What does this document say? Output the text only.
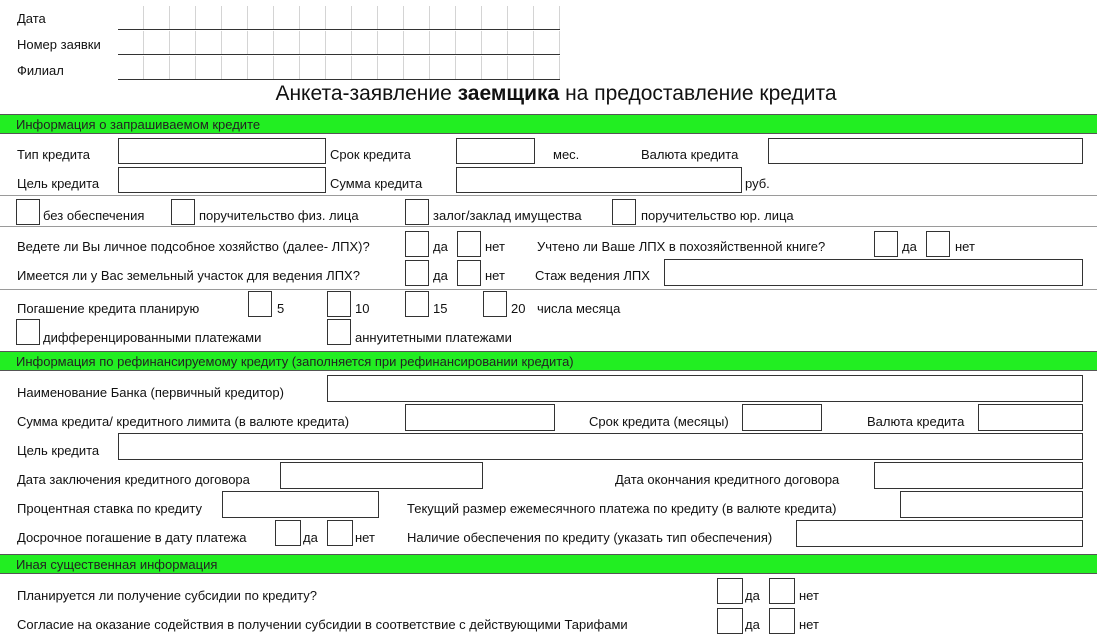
Дата
Номер заявки
Филиал
Анкета-заявление заемщика на предоставление кредита
Информация о запрашиваемом кредите
Тип кредита	Срок кредита	мес.	Валюта кредита
Цель кредита	Сумма кредита	руб.
без обеспечения	поручительство физ. лица	залог/заклад имущества	поручительство юр. лица
Ведете ли Вы личное подсобное хозяйство (далее- ЛПХ)?	да	нет Учтено ли Ваше ЛПХ в похозяйственной книге?	да	нет
Имеется ли у Вас земельный участок для ведения ЛПХ?	да	нет Стаж ведения ЛПХ
Погашение кредита планирую	5	10	15	20 числа месяца
дифференцированными платежами	аннуитетными платежами
Информация по рефинансируемому кредиту (заполняется при рефинансировании кредита)
Наименование Банка (первичный кредитор)
Сумма кредита/ кредитного лимита (в валюте кредита)	Срок кредита (месяцы)	Валюта кредита
Цель кредита
Дата заключения кредитного договора	Дата окончания кредитного договора
Процентная ставка по кредиту	Текущий размер ежемесячного платежа по кредиту (в валюте кредита)
Досрочное погашение в дату платежа	да	нет Наличие обеспечения по кредиту (указать тип обеспечения)
Иная существенная информация
Планируется ли получение субсидии по кредиту?	да	нет
Согласие на оказание содействия в получении субсидии в соответствие с действующими Тарифами	да	нет
